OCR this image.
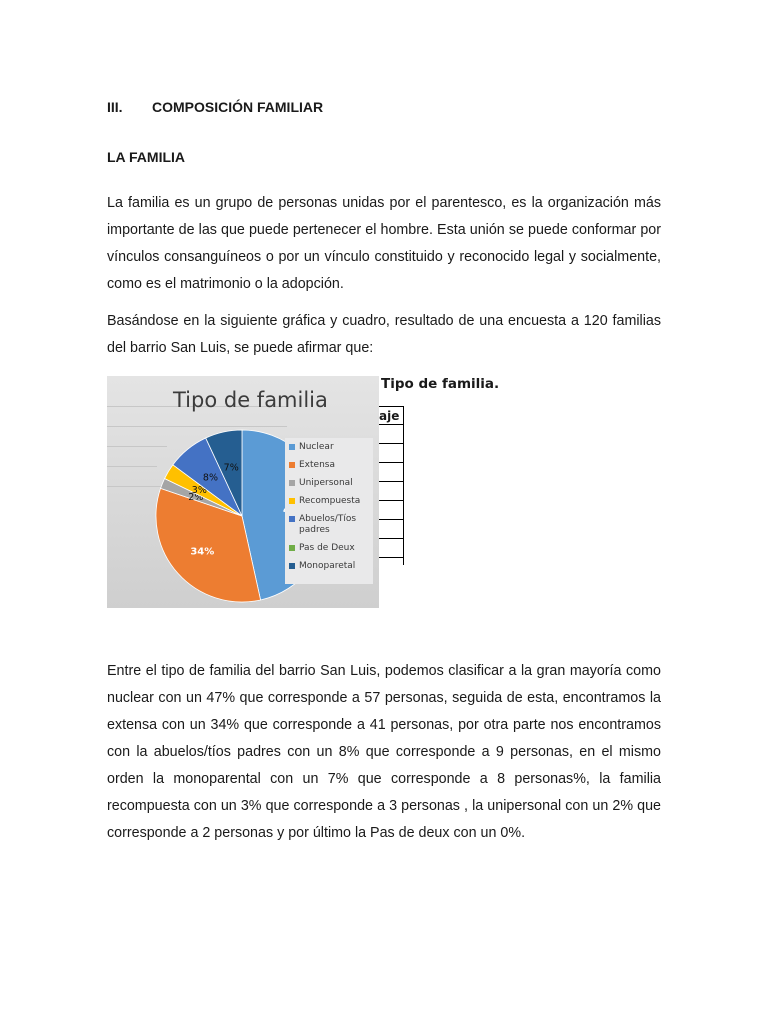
III. COMPOSICIÓN FAMILIAR
LA FAMILIA

La familia es un grupo de personas unidas por el parentesco, es la organización más importante de las que puede pertenecer el hombre. Esta unión se puede conformar por vínculos consanguíneos o por un vínculo constituido y reconocido legal y socialmente, como es el matrimonio o la adopción.

Basándose en la siguiente gráfica y cuadro, resultado de una encuesta a 120 familias del barrio San Luis, se puede afirmar que:

Tipo de familia
34%
2%
3%
8%
7%
Nuclear
Extensa
Unipersonal
Recompuesta
Abuelos/Tíos padres
Pas de Deux
Monoparetal
Tipo de familia.
aje

Entre el tipo de familia del barrio San Luis, podemos clasificar a la gran mayoría como nuclear con un 47% que corresponde a 57 personas, seguida de esta, encontramos la extensa con un 34% que corresponde a 41 personas, por otra parte nos encontramos con la abuelos/tíos padres con un 8% que corresponde a 9 personas, en el mismo orden la monoparental con un 7% que corresponde a 8 personas%, la familia recompuesta con un 3% que corresponde a 3 personas , la unipersonal con un 2% que corresponde a 2 personas y por último la Pas de deux con un 0%.
